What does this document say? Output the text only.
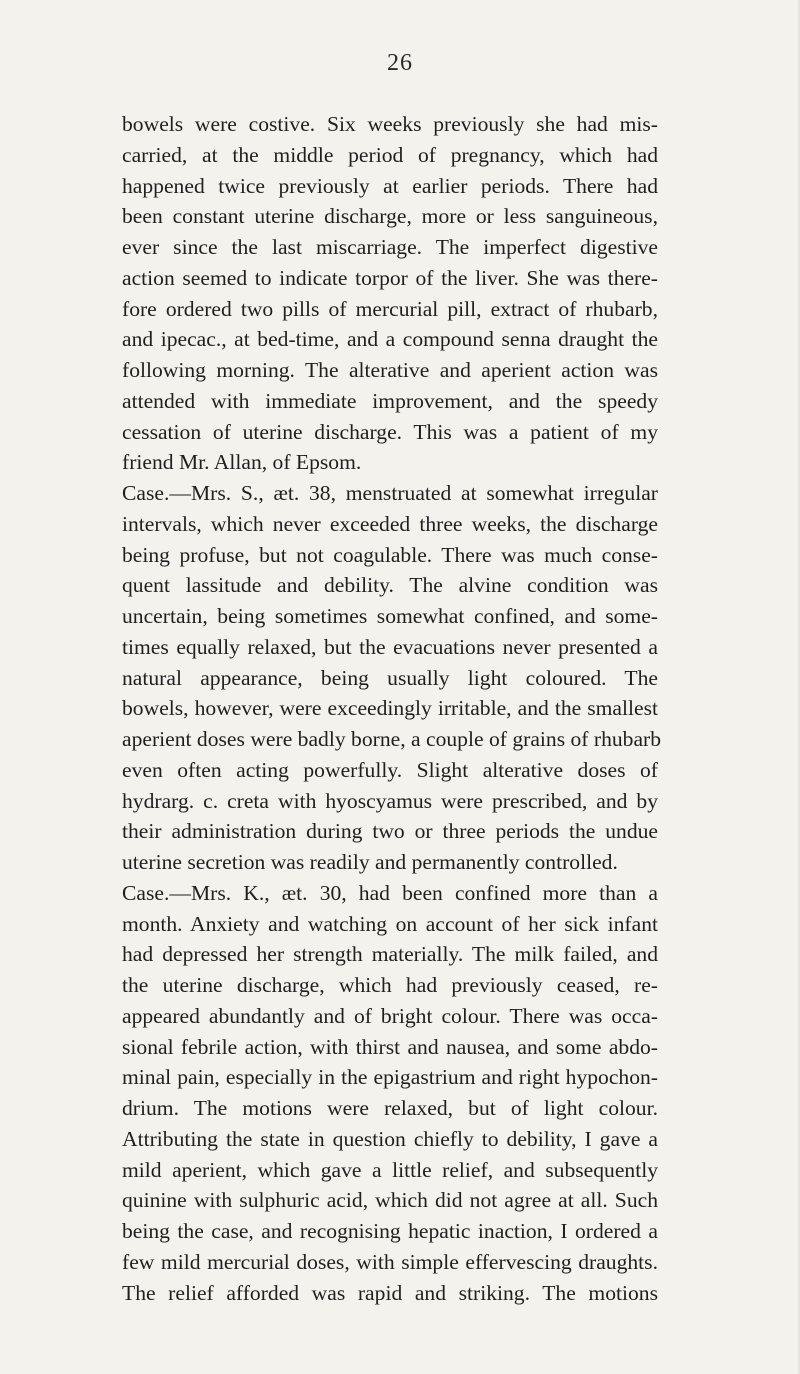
26
bowels were costive. Six weeks previously she had mis-
carried, at the middle period of pregnancy, which had
happened twice previously at earlier periods. There had
been constant uterine discharge, more or less sanguineous,
ever since the last miscarriage. The imperfect digestive
action seemed to indicate torpor of the liver. She was there-
fore ordered two pills of mercurial pill, extract of rhubarb,
and ipecac., at bed-time, and a compound senna draught the
following morning. The alterative and aperient action was
attended with immediate improvement, and the speedy
cessation of uterine discharge. This was a patient of my
friend Mr. Allan, of Epsom.
Case.—Mrs. S., æt. 38, menstruated at somewhat irregular
intervals, which never exceeded three weeks, the discharge
being profuse, but not coagulable. There was much conse-
quent lassitude and debility. The alvine condition was
uncertain, being sometimes somewhat confined, and some-
times equally relaxed, but the evacuations never presented a
natural appearance, being usually light coloured. The
bowels, however, were exceedingly irritable, and the smallest
aperient doses were badly borne, a couple of grains of rhubarb
even often acting powerfully. Slight alterative doses of
hydrarg. c. creta with hyoscyamus were prescribed, and by
their administration during two or three periods the undue
uterine secretion was readily and permanently controlled.
Case.—Mrs. K., æt. 30, had been confined more than a
month. Anxiety and watching on account of her sick infant
had depressed her strength materially. The milk failed, and
the uterine discharge, which had previously ceased, re-
appeared abundantly and of bright colour. There was occa-
sional febrile action, with thirst and nausea, and some abdo-
minal pain, especially in the epigastrium and right hypochon-
drium. The motions were relaxed, but of light colour.
Attributing the state in question chiefly to debility, I gave a
mild aperient, which gave a little relief, and subsequently
quinine with sulphuric acid, which did not agree at all. Such
being the case, and recognising hepatic inaction, I ordered a
few mild mercurial doses, with simple effervescing draughts.
The relief afforded was rapid and striking. The motions
